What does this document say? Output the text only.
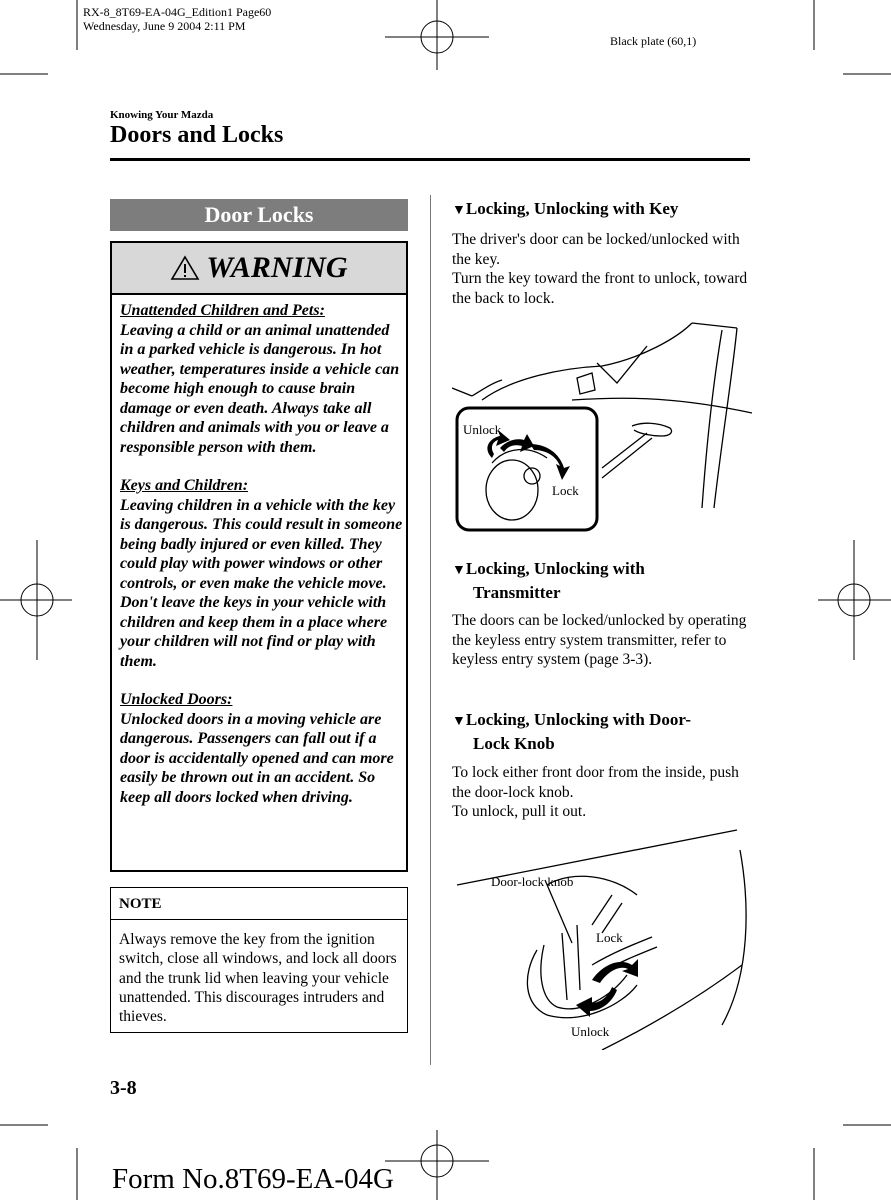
RX-8_8T69-EA-04G_Edition1 Page60
Wednesday, June 9 2004 2:11 PM
Black plate (60,1)
Knowing Your Mazda
Doors and Locks
Door Locks
WARNING

Unattended Children and Pets:
Leaving a child or an animal unattended in a parked vehicle is dangerous. In hot weather, temperatures inside a vehicle can become high enough to cause brain damage or even death. Always take all children and animals with you or leave a responsible person with them.

Keys and Children:
Leaving children in a vehicle with the key is dangerous. This could result in someone being badly injured or even killed. They could play with power windows or other controls, or even make the vehicle move. Don't leave the keys in your vehicle with children and keep them in a place where your children will not find or play with them.

Unlocked Doors:
Unlocked doors in a moving vehicle are dangerous. Passengers can fall out if a door is accidentally opened and can more easily be thrown out in an accident. So keep all doors locked when driving.

NOTE
Always remove the key from the ignition switch, close all windows, and lock all doors and the trunk lid when leaving your vehicle unattended. This discourages intruders and thieves.
▼Locking, Unlocking with Key
The driver's door can be locked/unlocked with the key.
Turn the key toward the front to unlock, toward the back to lock.
Unlock
Lock
▼Locking, Unlocking with
Transmitter
The doors can be locked/unlocked by operating the keyless entry system transmitter, refer to keyless entry system (page 3-3).
▼Locking, Unlocking with Door-
Lock Knob
To lock either front door from the inside, push the door-lock knob.
To unlock, pull it out.
Door-lock knob
Lock
Unlock
3-8
Form No.8T69-EA-04G
